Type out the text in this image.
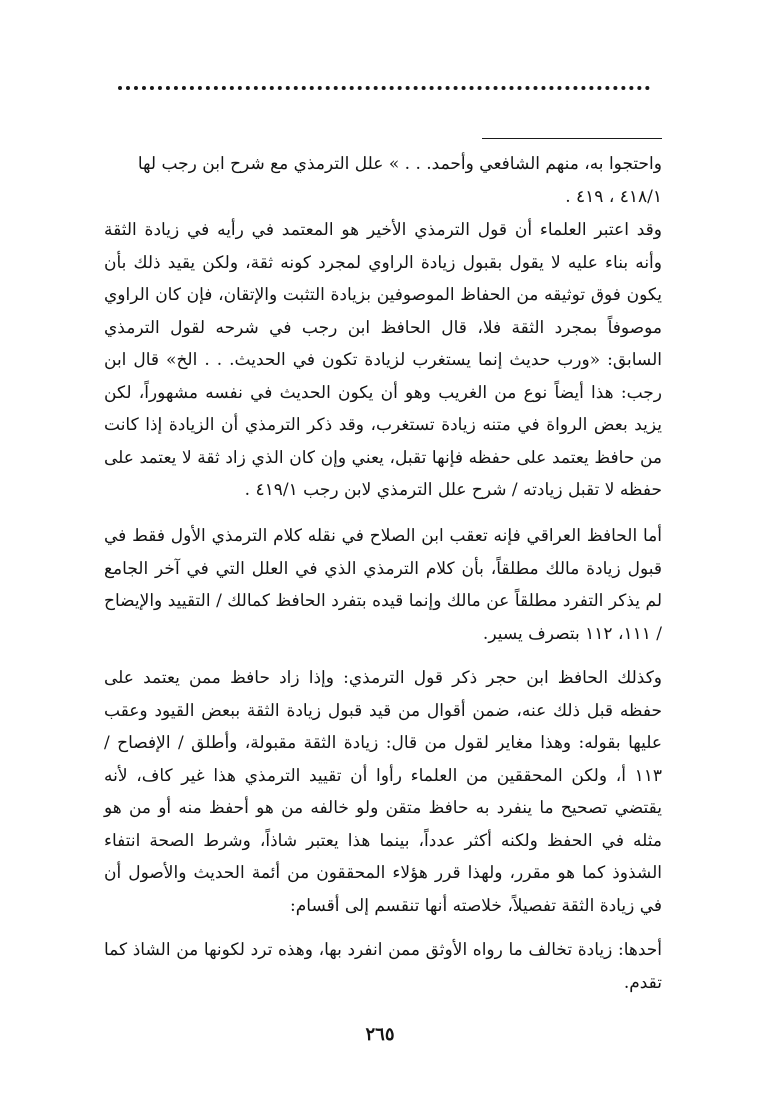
واحتجوا به، منهم الشافعي وأحمد. . . » علل الترمذي مع شرح ابن رجب لها

٤١٨/١ ، ٤١٩ .

وقد اعتبر العلماء أن قول الترمذي الأخير هو المعتمد في رأيه في زيادة الثقة وأنه بناء عليه لا يقول بقبول زيادة الراوي لمجرد كونه ثقة، ولكن يقيد ذلك بأن يكون فوق توثيقه من الحفاظ الموصوفين بزيادة التثبت والإتقان، فإن كان الراوي موصوفاً بمجرد الثقة فلا، قال الحافظ ابن رجب في شرحه لقول الترمذي السابق: «ورب حديث إنما يستغرب لزيادة تكون في الحديث. . . الخ» قال ابن رجب: هذا أيضاً نوع من الغريب وهو أن يكون الحديث في نفسه مشهوراً، لكن يزيد بعض الرواة في متنه زيادة تستغرب، وقد ذكر الترمذي أن الزيادة إذا كانت من حافظ يعتمد على حفظه فإنها تقبل، يعني وإن كان الذي زاد ثقة لا يعتمد على حفظه لا تقبل زيادته / شرح علل الترمذي لابن رجب ٤١٩/١ .

أما الحافظ العراقي فإنه تعقب ابن الصلاح في نقله كلام الترمذي الأول فقط في قبول زيادة مالك مطلقاً، بأن كلام الترمذي الذي في العلل التي في آخر الجامع لم يذكر التفرد مطلقاً عن مالك وإنما قيده بتفرد الحافظ كمالك / التقييد والإيضاح / ١١١، ١١٢ بتصرف يسير.

وكذلك الحافظ ابن حجر ذكر قول الترمذي: وإذا زاد حافظ ممن يعتمد على حفظه قبل ذلك عنه، ضمن أقوال من قيد قبول زيادة الثقة ببعض القيود وعقب عليها بقوله: وهذا مغاير لقول من قال: زيادة الثقة مقبولة، وأطلق / الإفصاح / ١١٣ أ، ولكن المحققين من العلماء رأوا أن تقييد الترمذي هذا غير كاف، لأنه يقتضي تصحيح ما ينفرد به حافظ متقن ولو خالفه من هو أحفظ منه أو من هو مثله في الحفظ ولكنه أكثر عدداً، بينما هذا يعتبر شاذاً، وشرط الصحة انتفاء الشذوذ كما هو مقرر، ولهذا قرر هؤلاء المحققون من أئمة الحديث والأصول أن في زيادة الثقة تفصيلاً، خلاصته أنها تنقسم إلى أقسام:

أحدها: زيادة تخالف ما رواه الأوثق ممن انفرد بها، وهذه ترد لكونها من الشاذ كما تقدم.

٢٦٥
